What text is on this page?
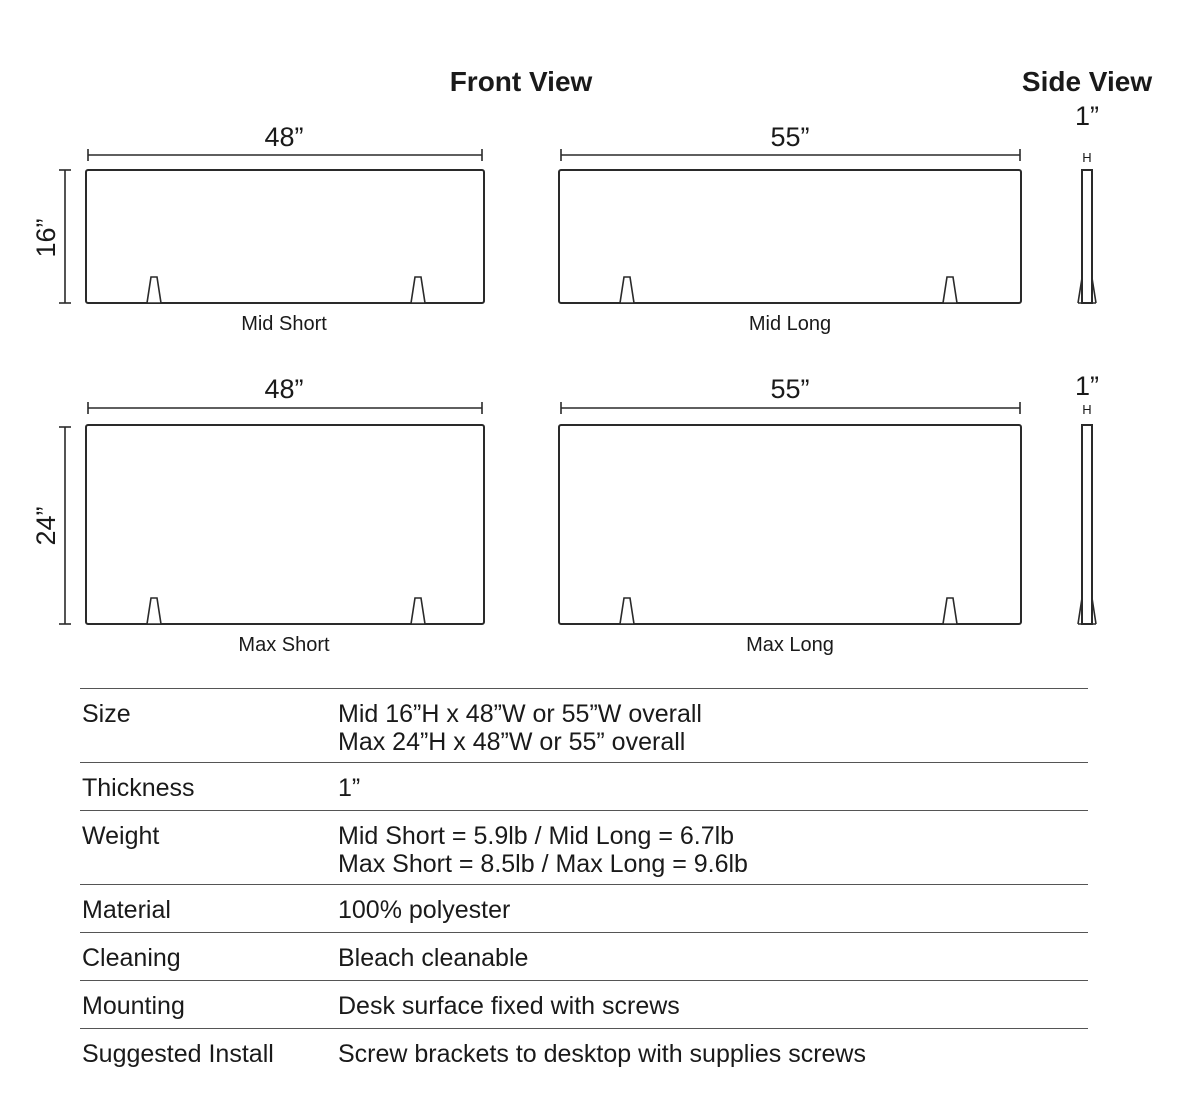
Front View	Side View
48”
16”
Mid Short
55”
Mid Long
1”
H
48”
24”
Max Short
55”
Max Long
1”
H
Size	Mid 16”H x 48”W or 55”W overall
Max 24”H x 48”W or 55” overall

Thickness	1”

Weight	Mid Short = 5.9lb / Mid Long = 6.7lb
Max Short = 8.5lb / Max Long = 9.6lb

Material	100% polyester

Cleaning	Bleach cleanable

Mounting	Desk surface fixed with screws

Suggested Install	Screw brackets to desktop with supplies screws
